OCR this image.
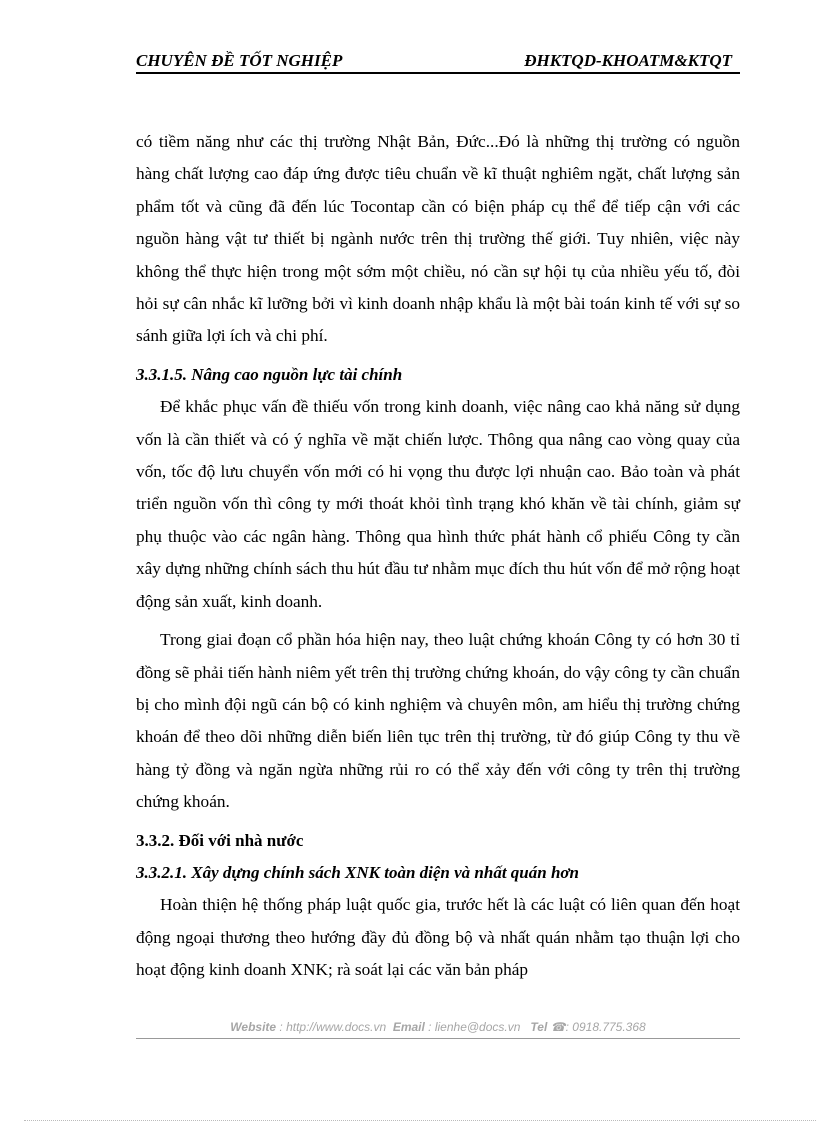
CHUYÊN ĐỀ TỐT NGHIỆP	ĐHKTQD-KHOATM&KTQT

có tiềm năng như các thị trường Nhật Bản, Đức...Đó là những thị trường có nguồn hàng chất lượng cao đáp ứng được tiêu chuẩn về kĩ thuật nghiêm ngặt, chất lượng sản phẩm tốt và cũng đã đến lúc Tocontap cần có biện pháp cụ thể để tiếp cận với các nguồn hàng vật tư thiết bị ngành nước trên thị trường thế giới. Tuy nhiên, việc này không thể thực hiện trong một sớm một chiều, nó cần sự hội tụ của nhiều yếu tố, đòi hỏi sự cân nhắc kĩ lưỡng bởi vì kinh doanh nhập khẩu là một bài toán kinh tế với sự so sánh giữa lợi ích và chi phí.

3.3.1.5. Nâng cao nguồn lực tài chính

Để khắc phục vấn đề thiếu vốn trong kinh doanh, việc nâng cao khả năng sử dụng vốn là cần thiết và có ý nghĩa về mặt chiến lược. Thông qua nâng cao vòng quay của vốn, tốc độ lưu chuyển vốn mới có hi vọng thu được lợi nhuận cao. Bảo toàn và phát triển nguồn vốn thì công ty mới thoát khỏi tình trạng khó khăn về tài chính, giảm sự phụ thuộc vào các ngân hàng. Thông qua hình thức phát hành cổ phiếu Công ty cần xây dựng những chính sách thu hút đầu tư nhằm mục đích thu hút vốn để mở rộng hoạt động sản xuất, kinh doanh.

Trong giai đoạn cổ phần hóa hiện nay, theo luật chứng khoán Công ty có hơn 30 tỉ đồng sẽ phải tiến hành niêm yết trên thị trường chứng khoán, do vậy công ty cần chuẩn bị cho mình đội ngũ cán bộ có kinh nghiệm và chuyên môn, am hiểu thị trường chứng khoán để theo dõi những diễn biến liên tục trên thị trường, từ đó giúp Công ty thu về hàng tỷ đồng và ngăn ngừa những rủi ro có thể xảy đến với công ty trên thị trường chứng khoán.

3.3.2. Đối với nhà nước
3.3.2.1. Xây dựng chính sách XNK toàn diện và nhất quán hơn

Hoàn thiện hệ thống pháp luật quốc gia, trước hết là các luật có liên quan đến hoạt động ngoại thương theo hướng đầy đủ đồng bộ và nhất quán nhằm tạo thuận lợi cho hoạt động kinh doanh XNK; rà soát lại các văn bản pháp

Website : http://www.docs.vn Email : lienhe@docs.vn Tel ☎: 0918.775.368
